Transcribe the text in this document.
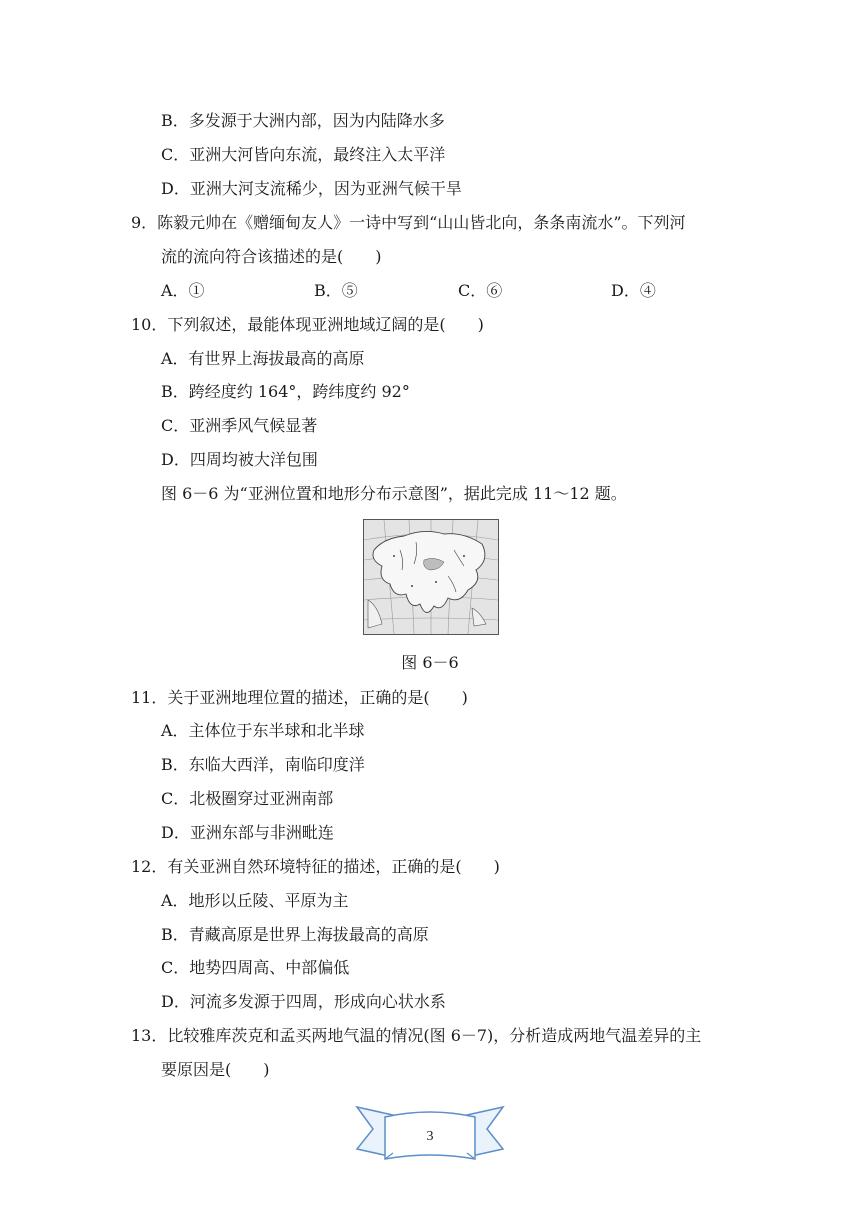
B．多发源于大洲内部，因为内陆降水多
C．亚洲大河皆向东流，最终注入太平洋
D．亚洲大河支流稀少，因为亚洲气候干旱
9．陈毅元帅在《赠缅甸友人》一诗中写到“山山皆北向，条条南流水”。下列河
流的流向符合该描述的是(　　)
A．①	B．⑤	C．⑥	D．④
10．下列叙述，最能体现亚洲地域辽阔的是(　　)
A．有世界上海拔最高的高原
B．跨经度约 164°，跨纬度约 92°
C．亚洲季风气候显著
D．四周均被大洋包围
图 6－6 为“亚洲位置和地形分布示意图”，据此完成 11～12 题。
图 6－6
11．关于亚洲地理位置的描述，正确的是(　　)
A．主体位于东半球和北半球
B．东临大西洋，南临印度洋
C．北极圈穿过亚洲南部
D．亚洲东部与非洲毗连
12．有关亚洲自然环境特征的描述，正确的是(　　)
A．地形以丘陵、平原为主
B．青藏高原是世界上海拔最高的高原
C．地势四周高、中部偏低
D．河流多发源于四周，形成向心状水系
13．比较雅库茨克和孟买两地气温的情况(图 6－7)，分析造成两地气温差异的主
要原因是(　　)
3
